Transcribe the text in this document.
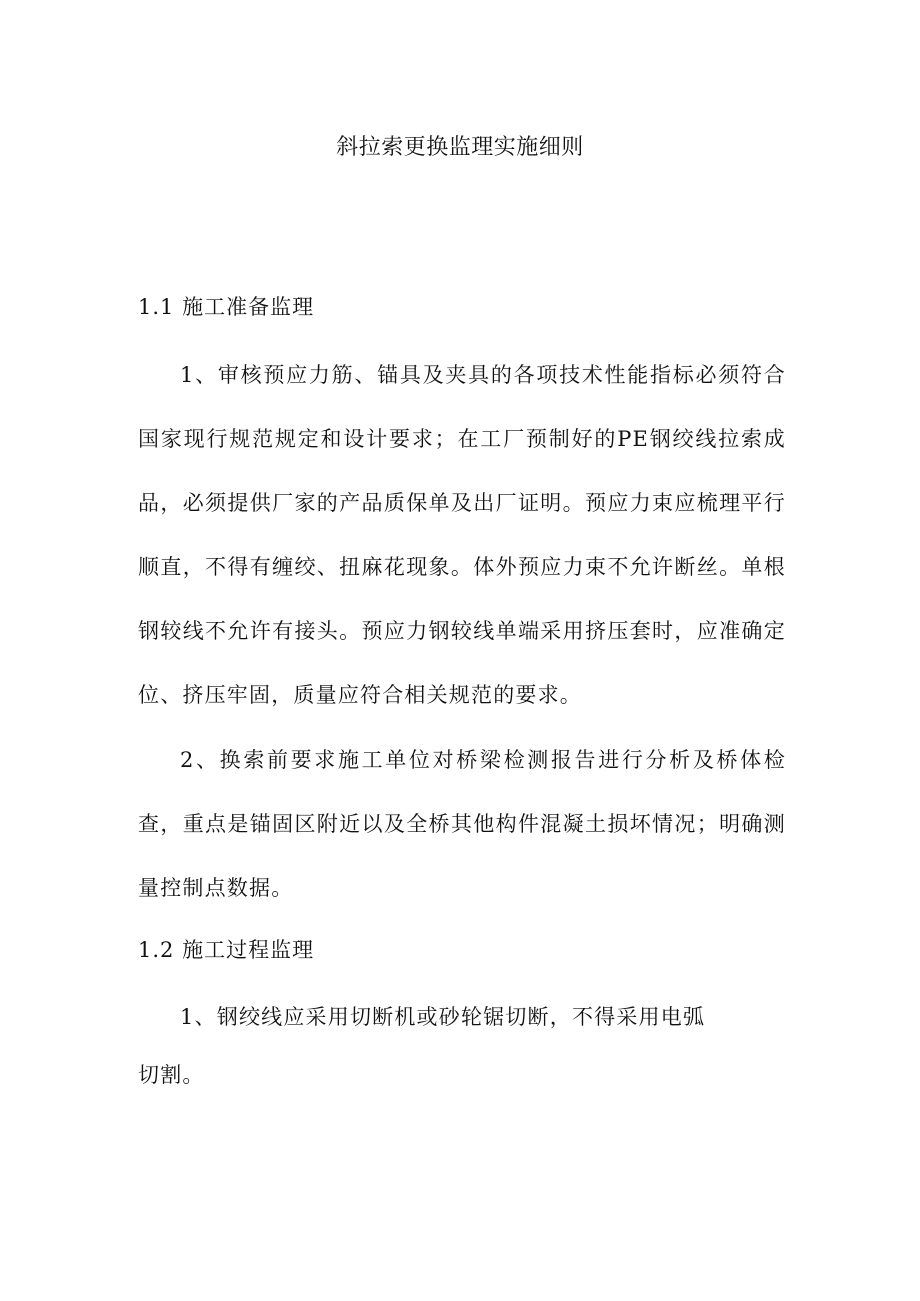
斜拉索更换监理实施细则
1.1 施工准备监理
1、审核预应力筋、锚具及夹具的各项技术性能指标必须符合国家现行规范规定和设计要求；在工厂预制好的PE钢绞线拉索成品，必须提供厂家的产品质保单及出厂证明。预应力束应梳理平行顺直，不得有缠绞、扭麻花现象。体外预应力束不允许断丝。单根钢较线不允许有接头。预应力钢较线单端采用挤压套时，应准确定位、挤压牢固，质量应符合相关规范的要求。
2、换索前要求施工单位对桥梁检测报告进行分析及桥体检查，重点是锚固区附近以及全桥其他构件混凝土损坏情况；明确测量控制点数据。
1.2 施工过程监理
1、钢绞线应采用切断机或砂轮锯切断，不得采用电弧
切割。
